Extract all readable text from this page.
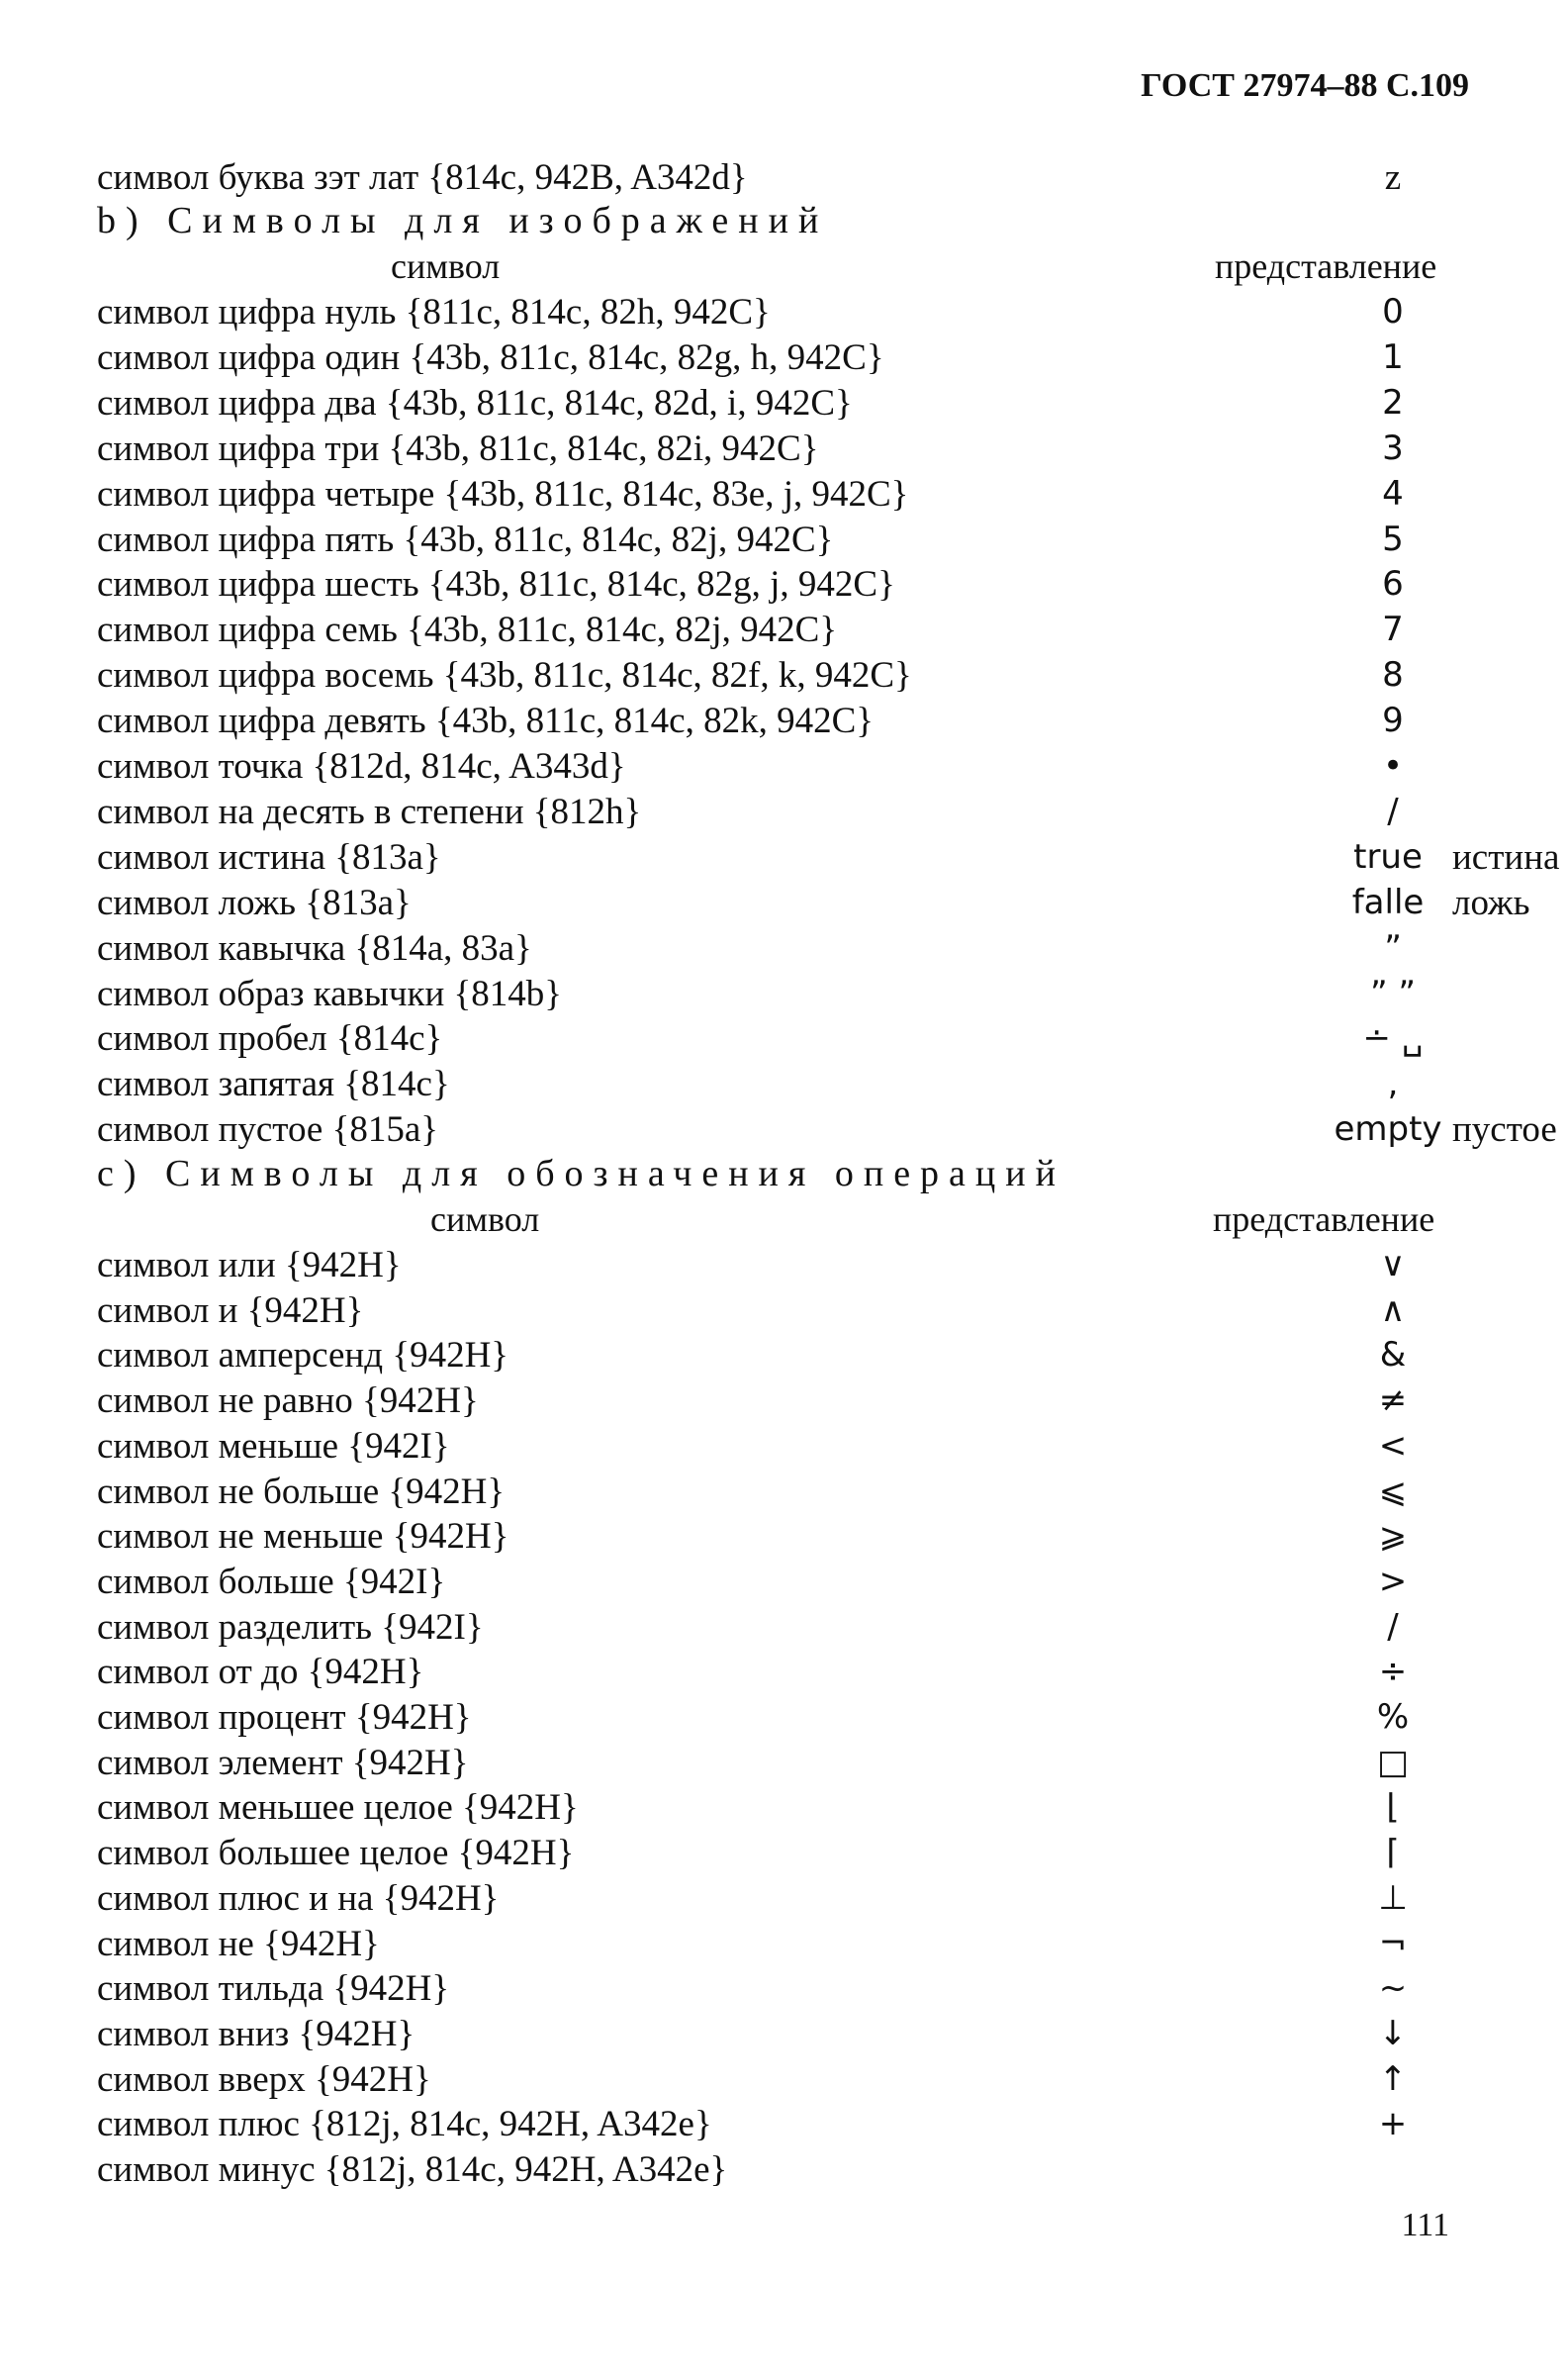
ГОСТ 27974–88 С.109
символ буква зэт лат {814c, 942B, A342d}	z
b) Символы для изображений
символ	представление
символ цифра нуль {811c, 814c, 82h, 942C}	0
символ цифра один {43b, 811c, 814c, 82g, h, 942C}	1
символ цифра два {43b, 811c, 814c, 82d, i, 942C}	2
символ цифра три {43b, 811c, 814c, 82i, 942C}	3
символ цифра четыре {43b, 811c, 814c, 83e, j, 942C}	4
символ цифра пять {43b, 811c, 814c, 82j, 942C}	5
символ цифра шесть {43b, 811c, 814c, 82g, j, 942C}	6
символ цифра семь {43b, 811c, 814c, 82j, 942C}	7
символ цифра восемь {43b, 811c, 814c, 82f, k, 942C}	8
символ цифра девять {43b, 811c, 814c, 82k, 942C}	9
символ точка {812d, 814c, A343d}	•
символ на десять в степени {812h}	/
символ истина {813a}	true истина
символ ложь {813a}	falle ложь
символ кавычка {814a, 83a}	”
символ образ кавычки {814b}	” ”
символ пробел {814c}	∸ ␣
символ запятая {814c}	,
символ пустое {815a}	empty пустое
c) Символы для обозначения операций
символ	представление
символ или {942H}	∨
символ и {942H}	∧
символ амперсенд {942H}	&
символ не равно {942H}	≠
символ меньше {942I}	<
символ не больше {942H}	⩽
символ не меньше {942H}	⩾
символ больше {942I}	>
символ разделить {942I}	/
символ от до {942H}	÷
символ процент {942H}	%
символ элемент {942H}	□
символ меньшее целое {942H}	⌊
символ большее целое {942H}	⌈
символ плюс и на {942H}	⊥
символ не {942H}	¬
символ тильда {942H}	~
символ вниз {942H}	↓
символ вверх {942H}	↑
символ плюс {812j, 814c, 942H, A342e}	+
символ минус {812j, 814c, 942H, A342e}
111
